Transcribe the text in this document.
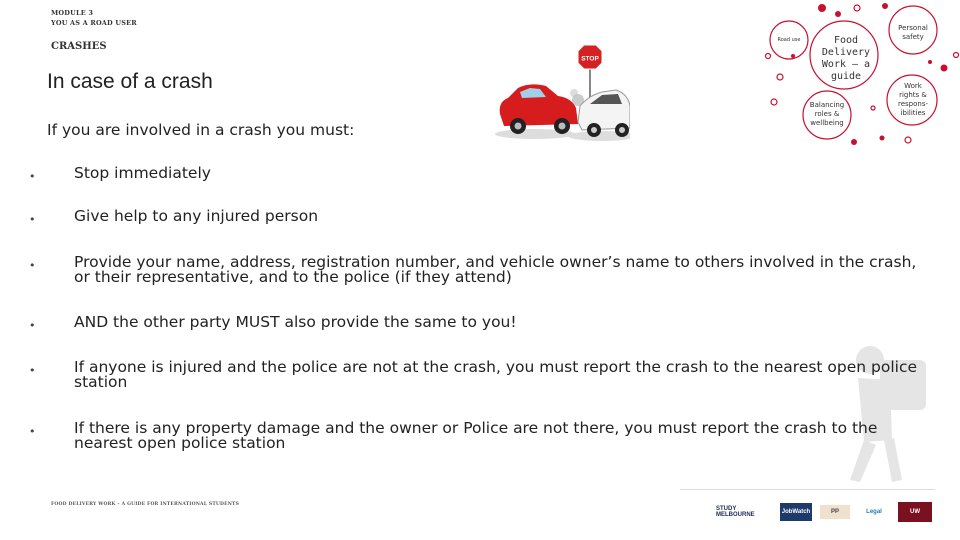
MODULE 3
YOU AS A ROAD USER
CRASHES
In case of a crash
If you are involved in a crash you must:
STOP
Food Delivery Work – a guide
Road use
Personal safety
Work rights & respons- ibilities
Balancing roles & wellbeing
• Stop immediately
• Give help to any injured person
• Provide your name, address, registration number, and vehicle owner’s name to others involved in the crash, or their representative, and to the police (if they attend)
• AND the other party MUST also provide the same to you!
• If anyone is injured and the police are not at the crash, you must report the crash to the nearest open police station
• If there is any property damage and the owner or Police are not there, you must report the crash to the nearest open police station
FOOD DELIVERY WORK – A GUIDE FOR INTERNATIONAL STUDENTS
STUDY MELBOURNE	JobWatch	PP	Legal	UW
